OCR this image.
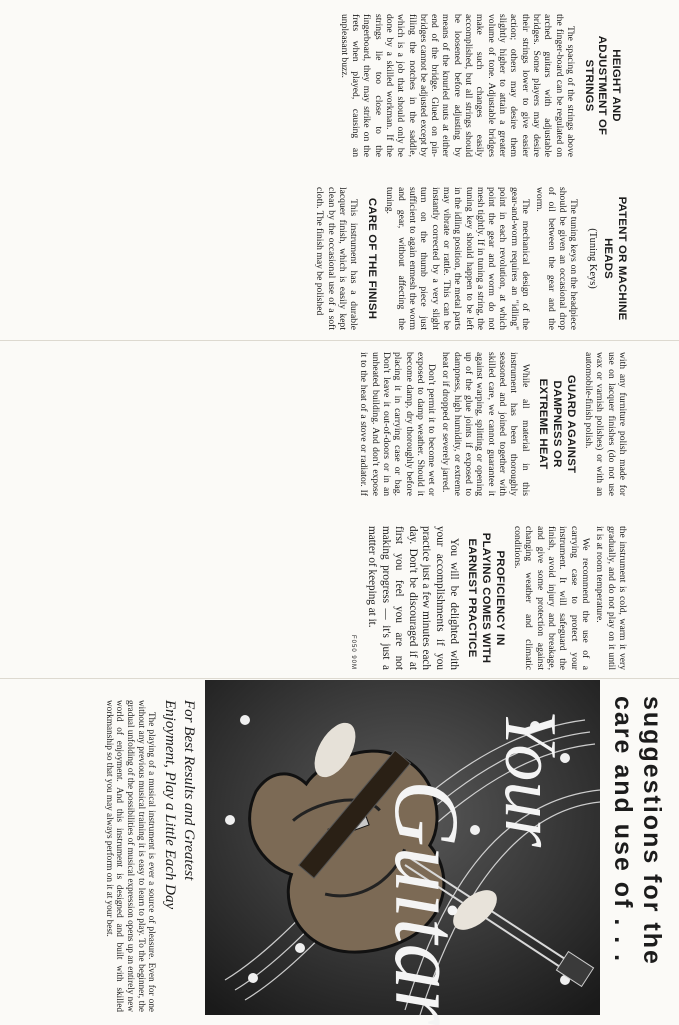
HEIGHT AND ADJUSTMENT OF STRINGS

The spacing of the strings above the finger-board can be regulated on arched guitars with adjustable bridges. Some players may desire their strings lower to give easier action; others may desire them slightly higher to attain a greater volume of tone. Adjustable bridges make such changes easily accomplished, but all strings should be loosened before adjusting by means of the knurled nuts at either end of the bridge. Glued on pin-bridges cannot be adjusted except by filing the notches in the saddle, which is a job that should only be done by a skilled workman. If the strings lie too close to the fingerboard, they may strike on the frets when played, causing an unpleasant buzz.

PATENT OR MACHINE HEADS
(Tuning Keys)

The tuning keys on the headpiece should be given an occasional drop of oil between the gear and the worm.

The mechanical design of the gear-and-worm requires an "idling" point in each revolution, at which point the gear and worm do not mesh tightly. If in tuning a string, the tuning key should happen to be left in the idling position, the metal parts may vibrate or rattle. This can be instantly corrected by a very slight turn on the thumb piece just sufficient to again enmesh the worm and gear, without affecting the tuning.

CARE OF THE FINISH

This instrument has a durable lacquer finish, which is easily kept clean by the occasional use of a soft cloth. The finish may be polished

with any furniture polish made for use on lacquer finishes (do not use wax or varnish polishes) or with an automobile-finish polish.

GUARD AGAINST DAMPNESS OR EXTREME HEAT

While all material in this instrument has been thoroughly seasoned and joined together with skilled care, we cannot guarantee it against warping, splitting or opening up of the glue joints if exposed to dampness, high humidity, or extreme heat or if dropped or severely jarred.

Don't permit it to become wet or exposed to damp weather. Should it become damp, dry thoroughly before placing it in carrying case or bag. Don't leave it out-of-doors or in an unheated building. And don't expose it to the heat of a stove or radiator. If the instrument is cold, warm it very gradually, and do not play on it until it is at room temperature.

We recommend the use of a carrying case to protect your instrument. It will safeguard the finish, avoid injury and breakage, and give some protection against changing weather and climatic conditions.

PROFICIENCY IN PLAYING COMES WITH EARNEST PRACTICE

You will be delighted with your accomplishments if you practice just a few minutes each day. Don't be discouraged if at first you feel you are not making progress — it's just a matter of keeping at it.

F050 90M
Your
Guitar	suggestions for the
care and use of . . .
For Best Results and Greatest
Enjoyment, Play a Little Each Day

The playing of a musical instrument is ever a source of pleasure. Even for one without any previous musical training it is easy to learn to play. To the beginner, the gradual unfolding of the possibilities of musical expression opens up an entirely new world of enjoyment. And this instrument is designed and built with skilled workmanship so that you may always perform on it at your best.
